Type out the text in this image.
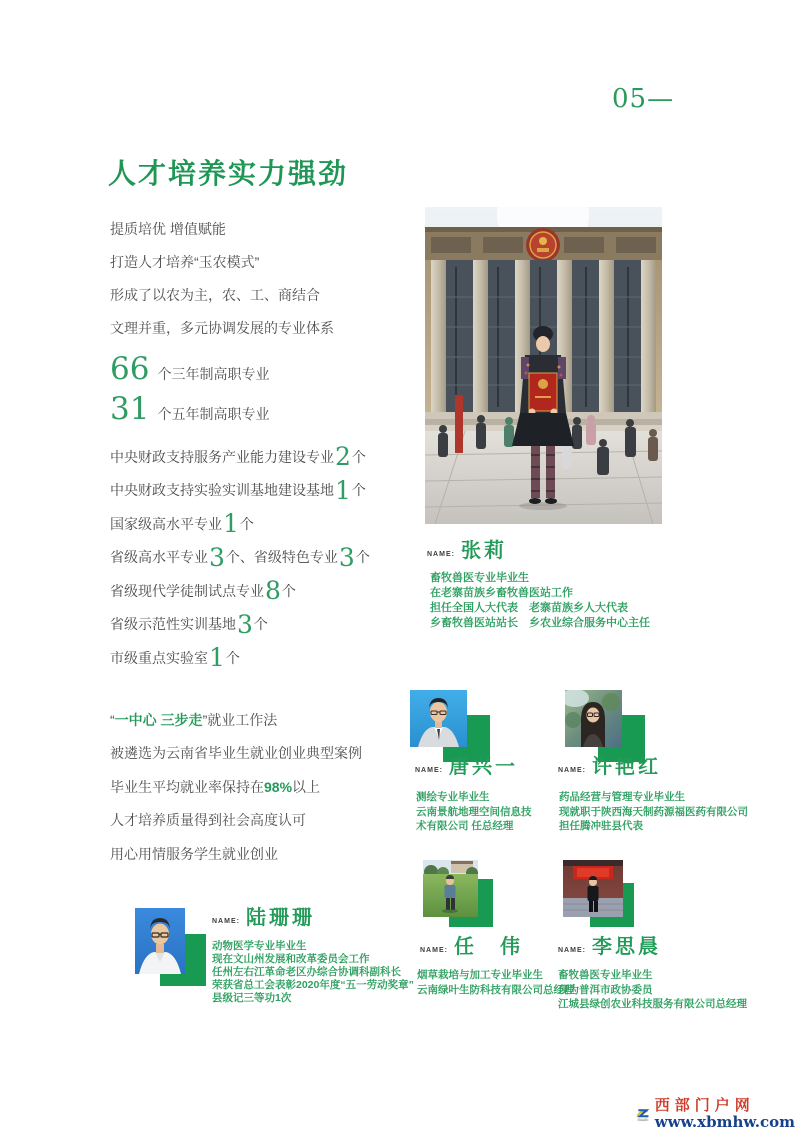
05—
人才培养实力强劲

提质培优 增值赋能

打造人才培养“玉农模式”

形成了以农为主，农、工、商结合

文理并重，多元协调发展的专业体系

66 个三年制高职专业
31 个五年制高职专业

中央财政支持服务产业能力建设专业 2 个

中央财政支持实验实训基地建设基地 1 个

国家级高水平专业 1 个

省级高水平专业 3 个、省级特色专业 3 个

省级现代学徒制试点专业 8 个

省级示范性实训基地 3 个

市级重点实验室 1 个

“ 一中心 三步走 ”就业工作法

被遴选为云南省毕业生就业创业典型案例

毕业生平均就业率保持在 98% 以上

人才培养质量得到社会高度认可

用心用情服务学生就业创业

NAME: 张莉

畜牧兽医专业毕业生

在老寨苗族乡畜牧兽医站工作

担任全国人大代表　老寨苗族乡人大代表

乡畜牧兽医站站长　乡农业综合服务中心主任

NAME: 唐兴一

测绘专业毕业生

云南景航地理空间信息技

术有限公司 任总经理

NAME: 许艳红

药品经营与管理专业毕业生

现就职于陕西海天制药源福医药有限公司

担任腾冲驻县代表

NAME: 陆珊珊

动物医学专业毕业生

现在文山州发展和改革委员会工作

任州左右江革命老区办综合协调科副科长

荣获省总工会表彰2020年度“五一劳动奖章”

县级记三等功1次

NAME: 任　伟

烟草栽培与加工专业毕业生

云南绿叶生防科技有限公司总经理

NAME: 李思晨

畜牧兽医专业毕业生

现为普洱市政协委员

江城县绿创农业科技服务有限公司总经理

西部门户网
www.xbmhw.com
